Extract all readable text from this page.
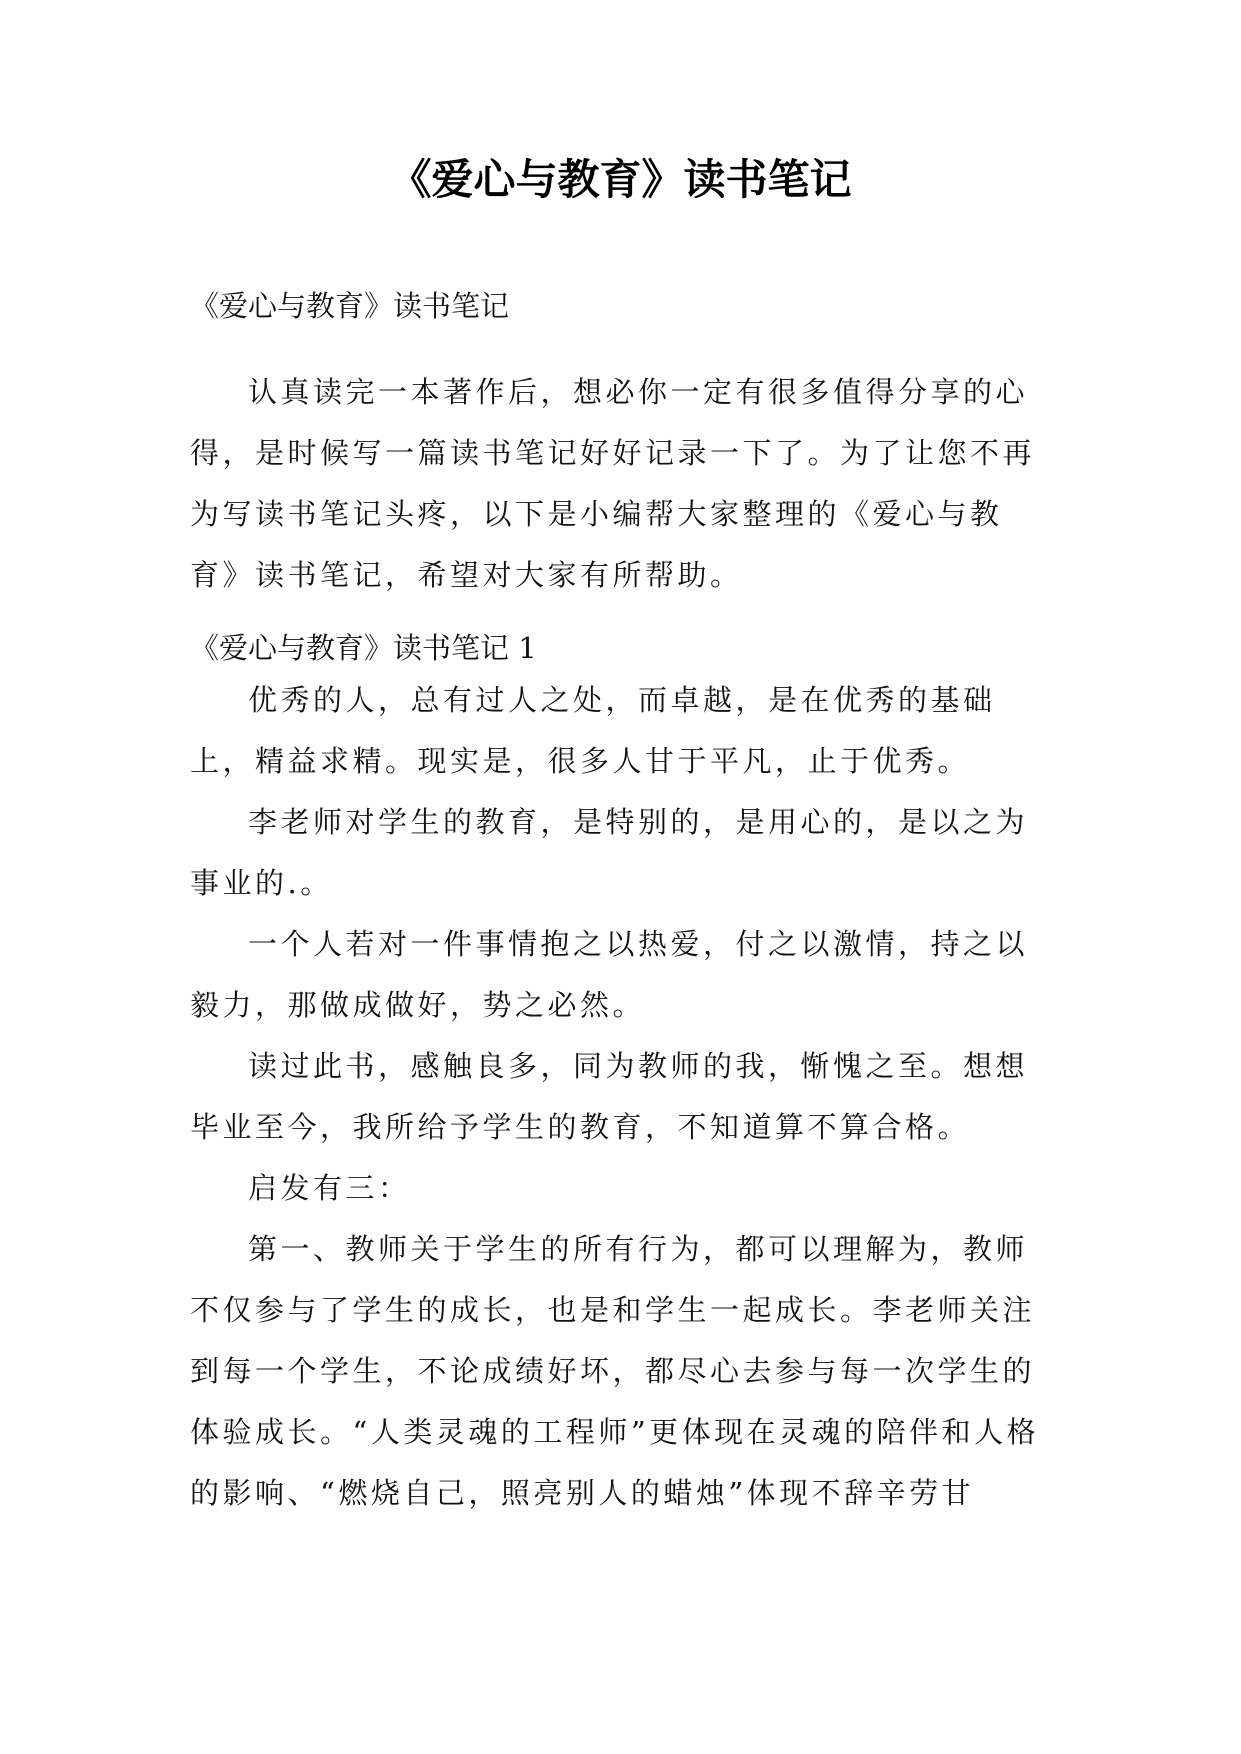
《爱心与教育》读书笔记
《爱心与教育》读书笔记

认真读完一本著作后，想必你一定有很多值得分享的心得，是时候写一篇读书笔记好好记录一下了。为了让您不再为写读书笔记头疼，以下是小编帮大家整理的《爱心与教育》读书笔记，希望对大家有所帮助。

《爱心与教育》读书笔记 1

优秀的人，总有过人之处，而卓越，是在优秀的基础上，精益求精。现实是，很多人甘于平凡，止于优秀。

李老师对学生的教育，是特别的，是用心的，是以之为事业的.。

一个人若对一件事情抱之以热爱，付之以激情，持之以毅力，那做成做好，势之必然。

读过此书，感触良多，同为教师的我，惭愧之至。想想毕业至今，我所给予学生的教育，不知道算不算合格。

启发有三：

第一、教师关于学生的所有行为，都可以理解为，教师不仅参与了学生的成长，也是和学生一起成长。李老师关注到每一个学生，不论成绩好坏，都尽心去参与每一次学生的体验成长。“人类灵魂的工程师”更体现在灵魂的陪伴和人格的影响、“燃烧自己，照亮别人的蜡烛”体现不辞辛劳甘
